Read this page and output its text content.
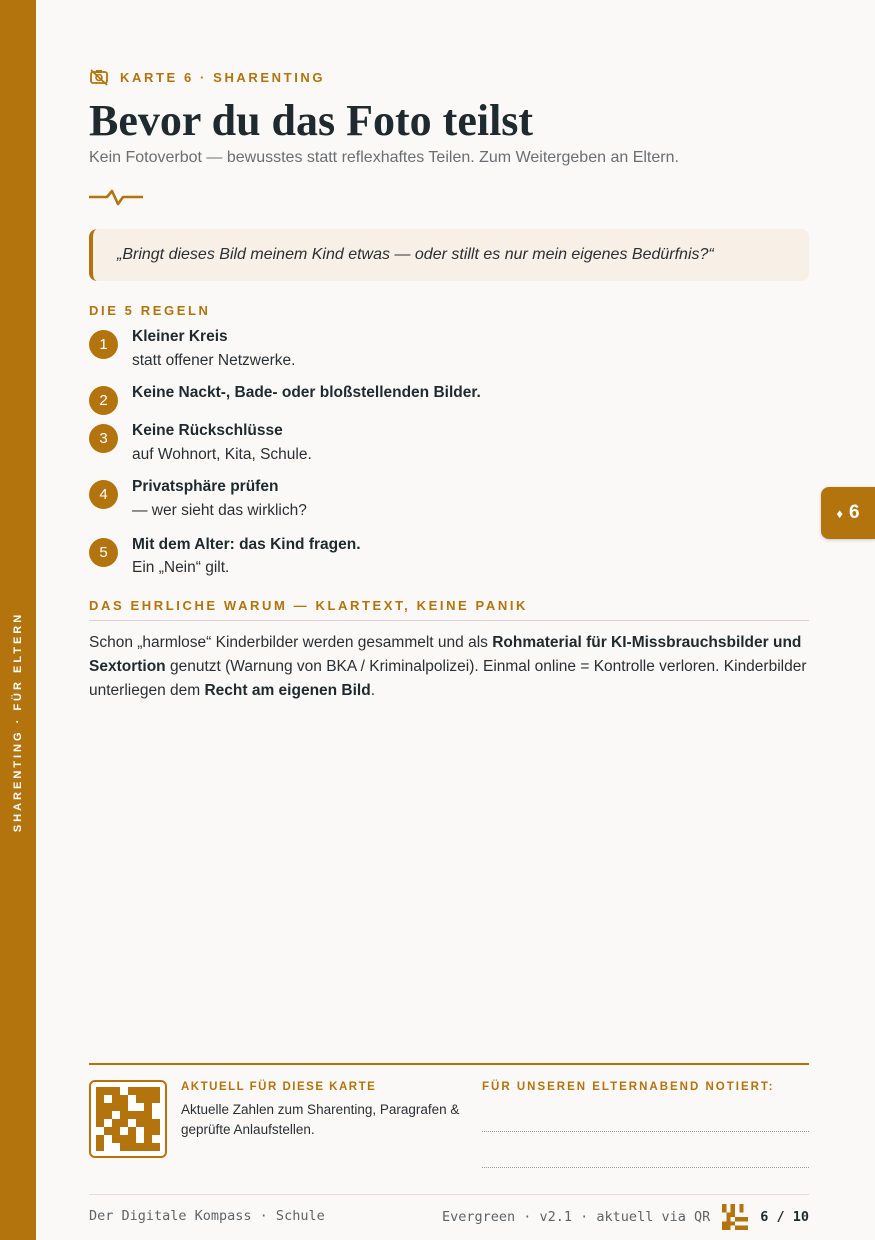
SHARENTING · FÜR ELTERN
♦ 6
KARTE 6 · SHARENTING
Bevor du das Foto teilst
Kein Fotoverbot — bewusstes statt reflexhaftes Teilen. Zum Weitergeben an Eltern.
„Bringt dieses Bild meinem Kind etwas — oder stillt es nur mein eigenes Bedürfnis?“
DIE 5 REGELN
1	Kleiner Kreis
statt offener Netzwerke.
2	Keine Nackt-, Bade- oder bloßstellenden Bilder.
3	Keine Rückschlüsse
auf Wohnort, Kita, Schule.
4	Privatsphäre prüfen
— wer sieht das wirklich?
5	Mit dem Alter: das Kind fragen.
Ein „Nein“ gilt.
DAS EHRLICHE WARUM — KLARTEXT, KEINE PANIK

Schon „harmlose“ Kinderbilder werden gesammelt und als Rohmaterial für KI-Missbrauchsbilder und Sextortion genutzt (Warnung von BKA / Kriminalpolizei). Einmal online = Kontrolle verloren. Kinderbilder unterliegen dem Recht am eigenen Bild.

AKTUELL FÜR DIESE KARTE
Aktuelle Zahlen zum Sharenting, Paragrafen & geprüfte Anlaufstellen.
FÜR UNSEREN ELTERNABEND NOTIERT:
Der Digitale Kompass · Schule	Evergreen · v2.1 · aktuell via QR	6 / 10
